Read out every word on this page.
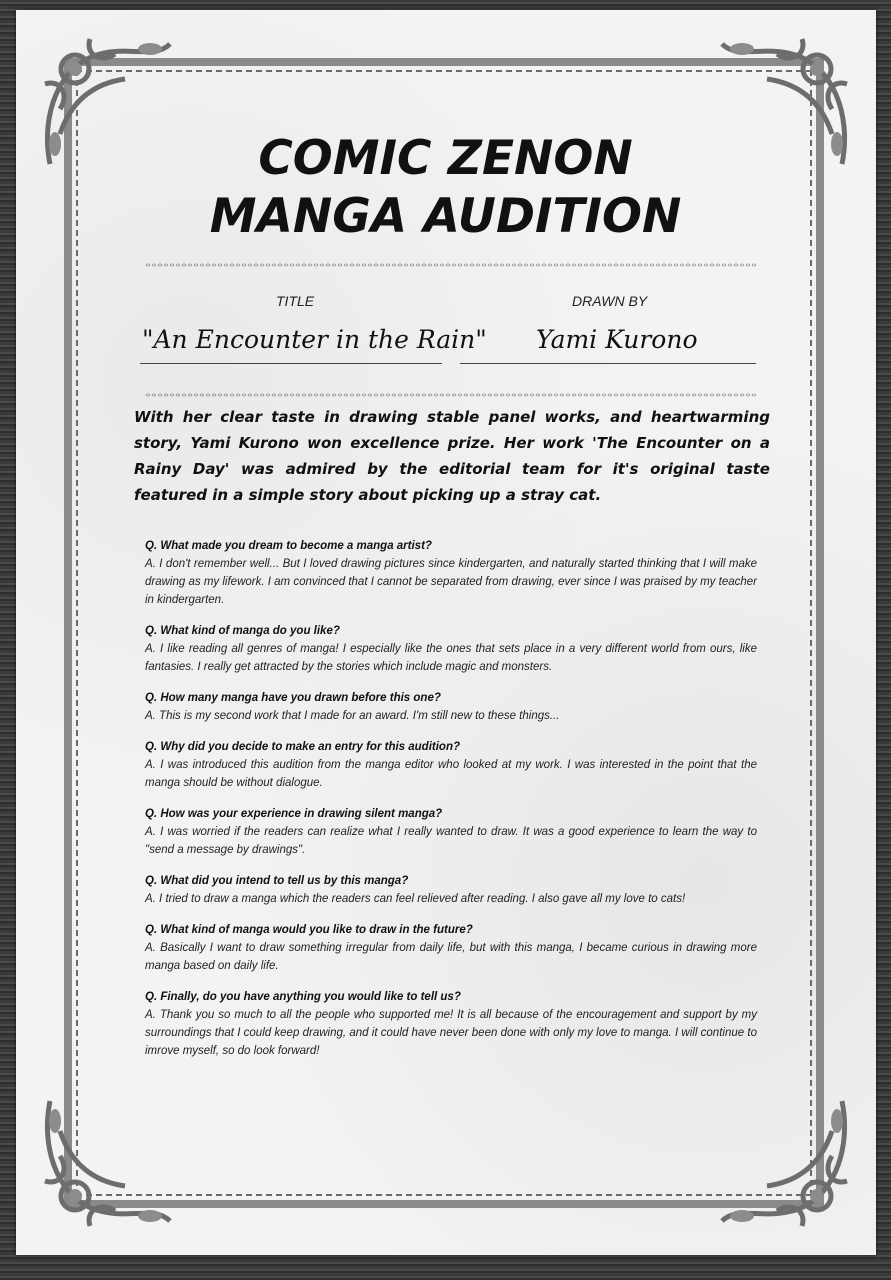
COMIC ZENON
MANGA AUDITION
TITLE	DRAWN BY
"An Encounter in the Rain" Yami Kurono
With her clear taste in drawing stable panel works, and heartwarming story, Yami Kurono won excellence prize. Her work 'The Encounter on a Rainy Day' was admired by the editorial team for it's original taste featured in a simple story about picking up a stray cat.
Q. What made you dream to become a manga artist?
A. I don't remember well... But I loved drawing pictures since kindergarten, and naturally started thinking that I will make drawing as my lifework. I am convinced that I cannot be separated from drawing, ever since I was praised by my teacher in kindergarten.
Q. What kind of manga do you like?
A. I like reading all genres of manga! I especially like the ones that sets place in a very different world from ours, like fantasies. I really get attracted by the stories which include magic and monsters.
Q. How many manga have you drawn before this one?
A. This is my second work that I made for an award. I'm still new to these things...
Q. Why did you decide to make an entry for this audition?
A. I was introduced this audition from the manga editor who looked at my work. I was interested in the point that the manga should be without dialogue.
Q. How was your experience in drawing silent manga?
A. I was worried if the readers can realize what I really wanted to draw. It was a good experience to learn the way to "send a message by drawings".
Q. What did you intend to tell us by this manga?
A. I tried to draw a manga which the readers can feel relieved after reading. I also gave all my love to cats!
Q. What kind of manga would you like to draw in the future?
A. Basically I want to draw something irregular from daily life, but with this manga, I became curious in drawing more manga based on daily life.
Q. Finally, do you have anything you would like to tell us?
A. Thank you so much to all the people who supported me! It is all because of the encouragement and support by my surroundings that I could keep drawing, and it could have never been done with only my love to manga. I will continue to imrove myself, so do look forward!
